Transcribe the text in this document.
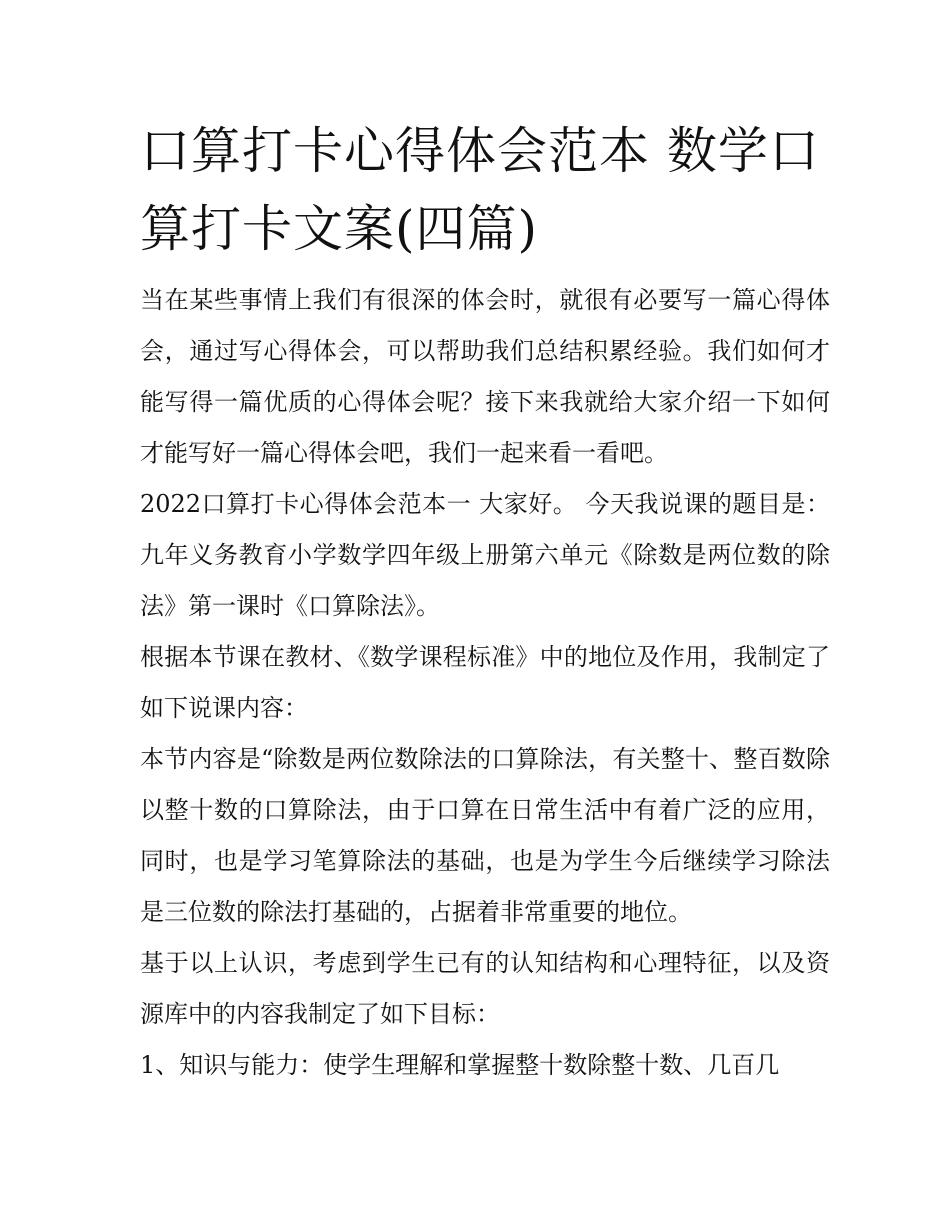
口算打卡心得体会范本 数学口算打卡文案(四篇)

当在某些事情上我们有很深的体会时，就很有必要写一篇心得体会，通过写心得体会，可以帮助我们总结积累经验。我们如何才能写得一篇优质的心得体会呢？接下来我就给大家介绍一下如何才能写好一篇心得体会吧，我们一起来看一看吧。

2022口算打卡心得体会范本一 大家好。 今天我说课的题目是：九年义务教育小学数学四年级上册第六单元《除数是两位数的除法》第一课时《口算除法》。

根据本节课在教材、《数学课程标准》中的地位及作用，我制定了如下说课内容：

本节内容是“除数是两位数除法的口算除法，有关整十、整百数除以整十数的口算除法，由于口算在日常生活中有着广泛的应用，同时，也是学习笔算除法的基础，也是为学生今后继续学习除法是三位数的除法打基础的，占据着非常重要的地位。

基于以上认识，考虑到学生已有的认知结构和心理特征，以及资源库中的内容我制定了如下目标：

1、知识与能力：使学生理解和掌握整十数除整十数、几百几
